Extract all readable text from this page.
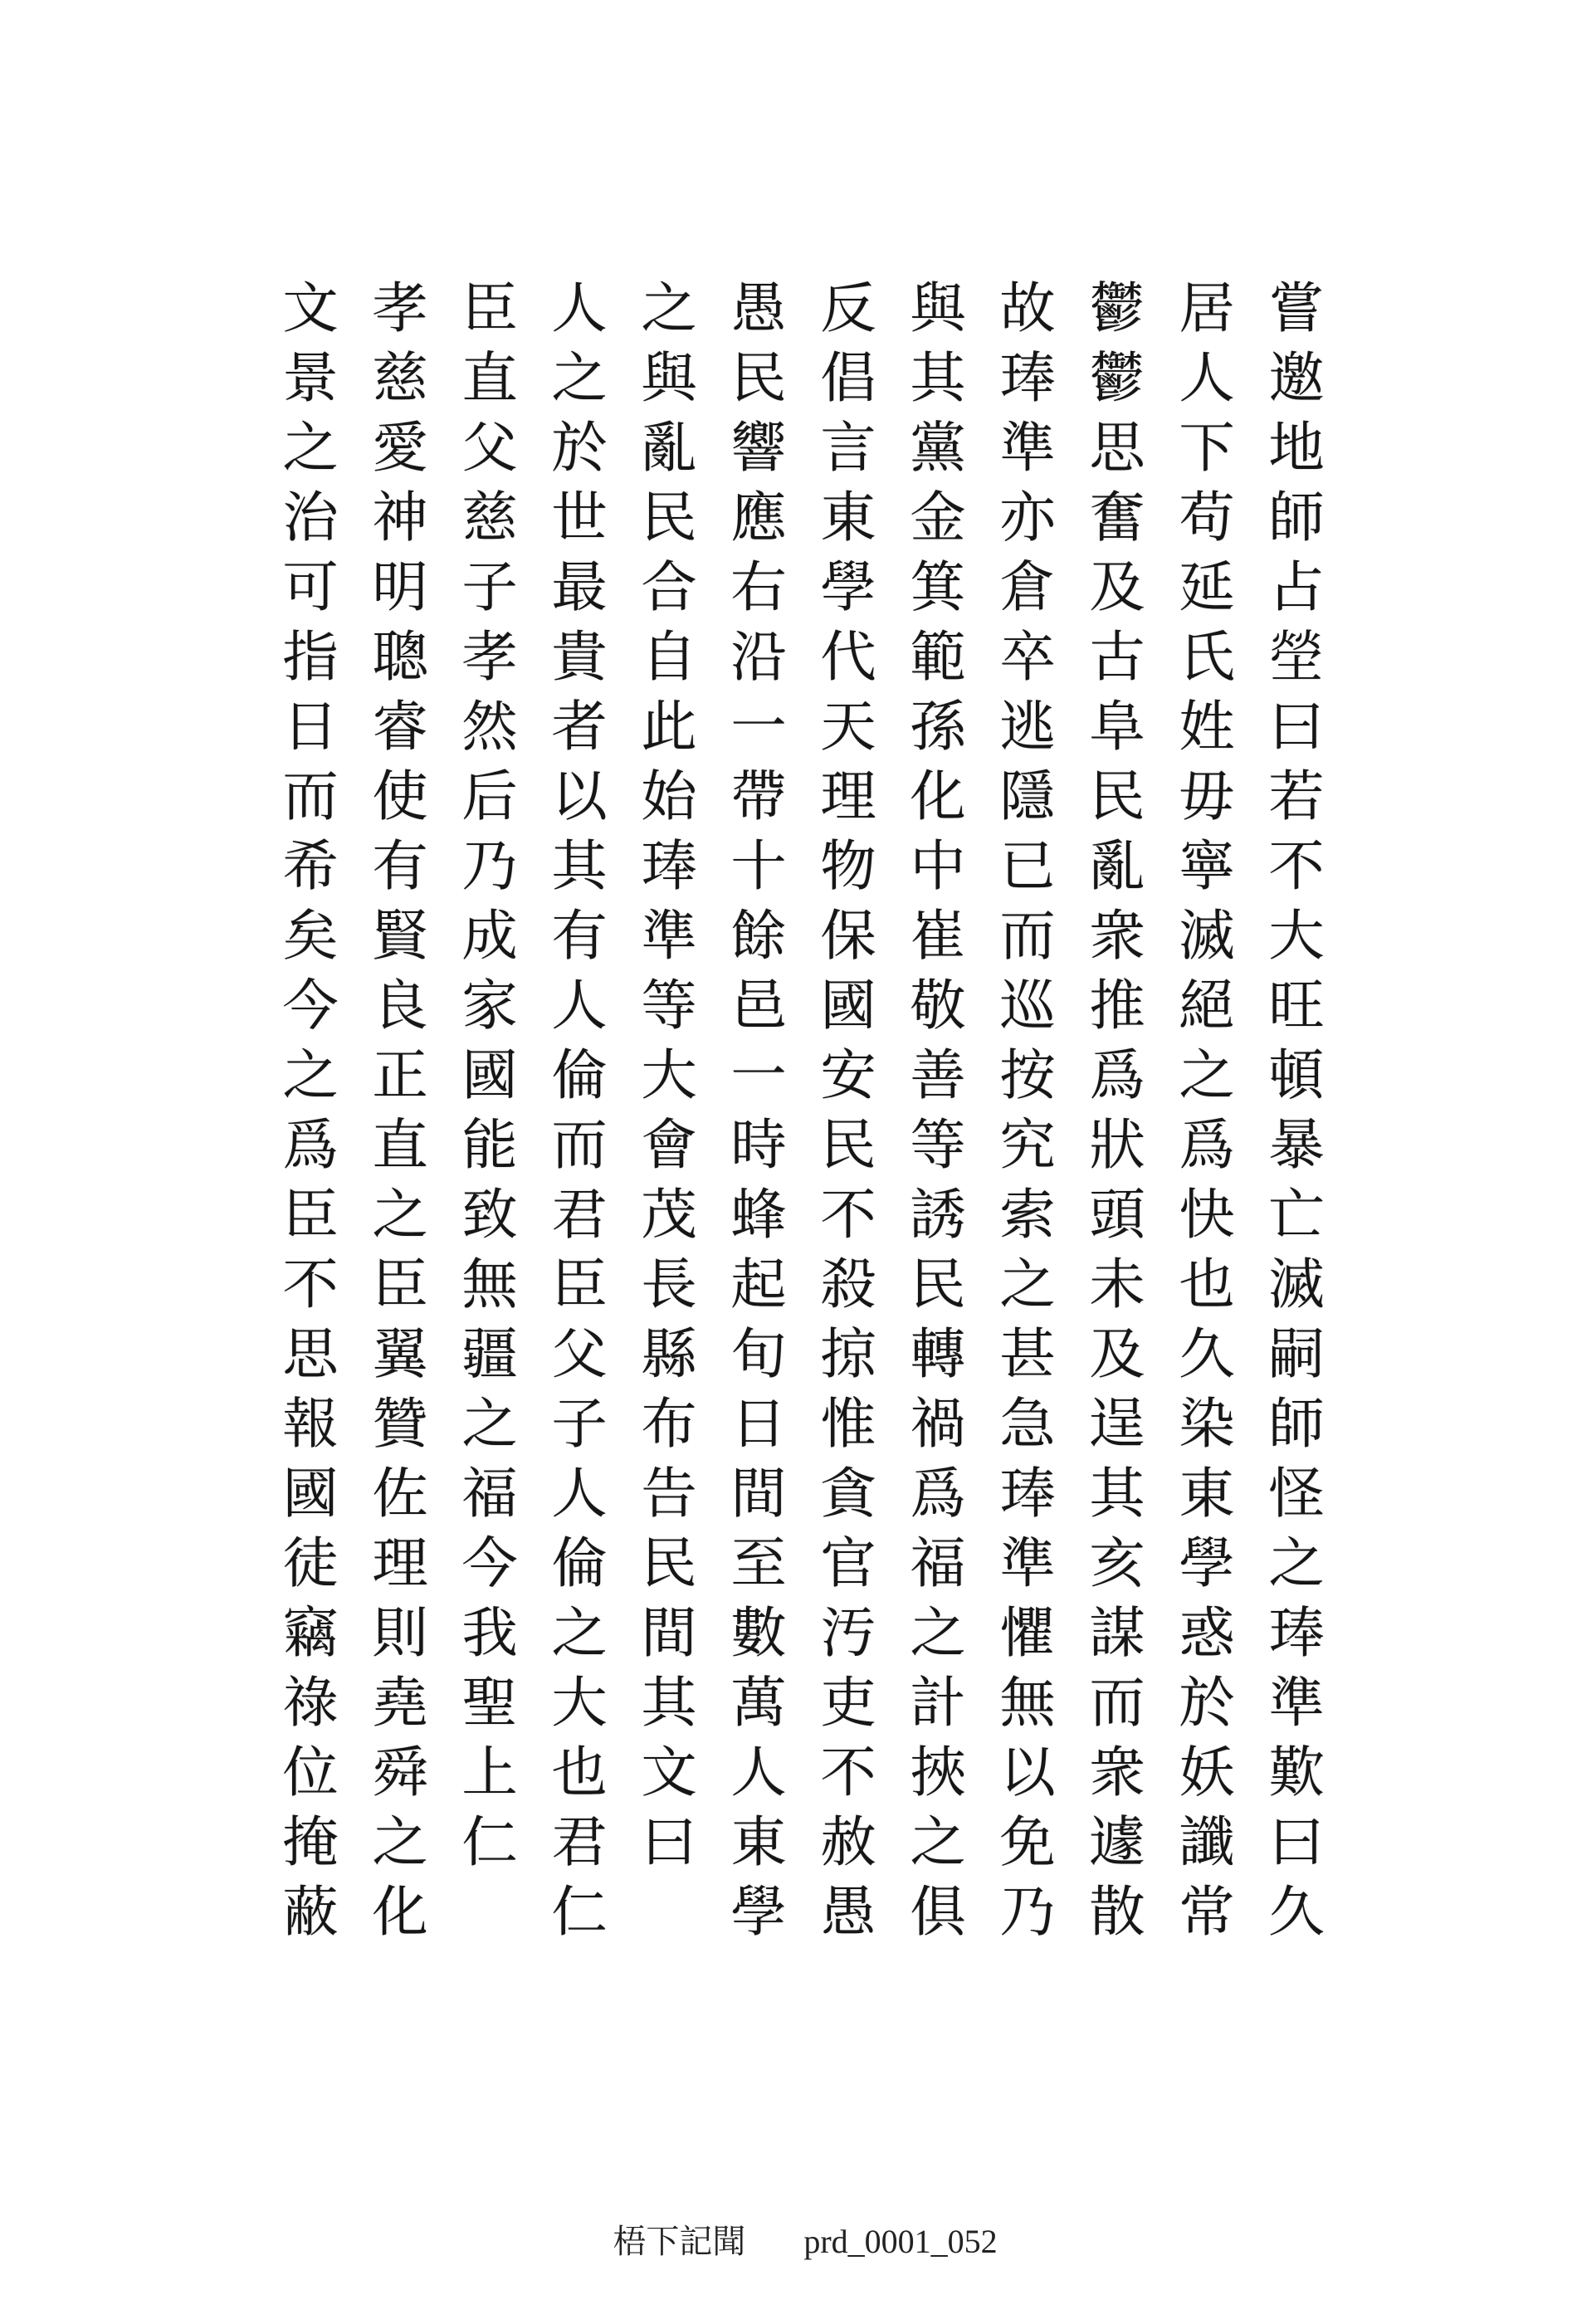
嘗
邀
地
師
占
塋
曰
若
不
大
旺
頓
暴
亡
滅
嗣
師
怪
之
琫
準
歎
曰
久
居
人
下
苟
延
氏
姓
毋
寧
滅
絕
之
爲
快
也
久
染
東
學
惑
於
妖
讖
常
鬱
鬱
思
奮
及
古
阜
民
亂
衆
推
爲
狀
頭
未
及
逞
其
亥
謀
而
衆
遽
散
故
琫
準
亦
倉
卒
逃
隱
已
而
巡
按
究
索
之
甚
急
琫
準
懼
無
以
免
乃
與
其
黨
金
箕
範
孫
化
中
崔
敬
善
等
誘
民
轉
禍
爲
福
之
計
挾
之
俱
反
倡
言
東
學
代
天
理
物
保
國
安
民
不
殺
掠
惟
貪
官
汚
吏
不
赦
愚
愚
民
響
應
右
沿
一
帶
十
餘
邑
一
時
蜂
起
旬
日
間
至
數
萬
人
東
學
之
與
亂
民
合
自
此
始
琫
準
等
大
會
茂
長
縣
布
告
民
間
其
文
曰
人
之
於
世
最
貴
者
以
其
有
人
倫
而
君
臣
父
子
人
倫
之
大
也
君
仁
臣
直
父
慈
子
孝
然
后
乃
成
家
國
能
致
無
疆
之
福
今
我
聖
上
仁
孝
慈
愛
神
明
聰
睿
使
有
賢
良
正
直
之
臣
翼
贊
佐
理
則
堯
舜
之
化
文
景
之
治
可
指
日
而
希
矣
今
之
爲
臣
不
思
報
國
徒
竊
祿
位
掩
蔽

梧下記聞 prd_0001_052
